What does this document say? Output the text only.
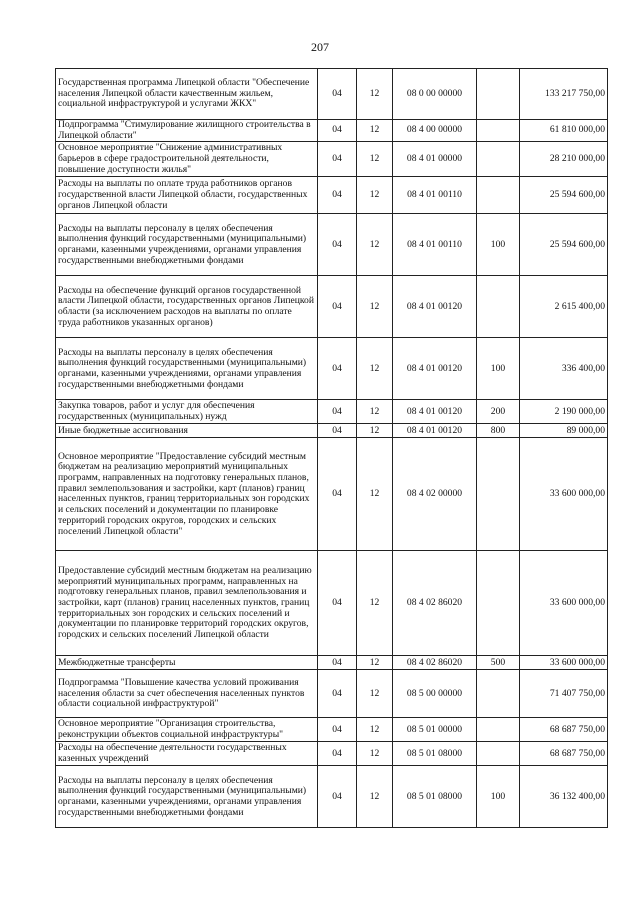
207
Государственная программа Липецкой области "Обеспечение населения Липецкой области качественным жильем, социальной инфраструктурой и услугами ЖКХ"	04	12	08 0 00 00000		133 217 750,00
Подпрограмма "Стимулирование жилищного строительства в Липецкой области"	04	12	08 4 00 00000		61 810 000,00
Основное мероприятие "Снижение административных барьеров в сфере градостроительной деятельности, повышение доступности жилья"	04	12	08 4 01 00000		28 210 000,00
Расходы на выплаты по оплате труда работников органов государственной власти Липецкой области, государственных органов Липецкой области	04	12	08 4 01 00110		25 594 600,00
Расходы на выплаты персоналу в целях обеспечения выполнения функций государственными (муниципальными) органами, казенными учреждениями, органами управления государственными внебюджетными фондами	04	12	08 4 01 00110	100	25 594 600,00
Расходы на обеспечение функций органов государственной власти Липецкой области, государственных органов Липецкой области (за исключением расходов на выплаты по оплате труда работников указанных органов)	04	12	08 4 01 00120		2 615 400,00
Расходы на выплаты персоналу в целях обеспечения выполнения функций государственными (муниципальными) органами, казенными учреждениями, органами управления государственными внебюджетными фондами	04	12	08 4 01 00120	100	336 400,00
Закупка товаров, работ и услуг для обеспечения государственных (муниципальных) нужд	04	12	08 4 01 00120	200	2 190 000,00
Иные бюджетные ассигнования	04	12	08 4 01 00120	800	89 000,00
Основное мероприятие "Предоставление субсидий местным бюджетам на реализацию мероприятий муниципальных программ, направленных на подготовку генеральных планов, правил землепользования и застройки, карт (планов) границ населенных пунктов, границ территориальных зон городских и сельских поселений и документации по планировке территорий городских округов, городских и сельских поселений Липецкой области"	04	12	08 4 02 00000		33 600 000,00
Предоставление субсидий местным бюджетам на реализацию мероприятий муниципальных программ, направленных на подготовку генеральных планов, правил землепользования и застройки, карт (планов) границ населенных пунктов, границ территориальных зон городских и сельских поселений и документации по планировке территорий городских округов, городских и сельских поселений Липецкой области	04	12	08 4 02 86020		33 600 000,00
Межбюджетные трансферты	04	12	08 4 02 86020	500	33 600 000,00
Подпрограмма "Повышение качества условий проживания населения области за счет обеспечения населенных пунктов области социальной инфраструктурой"	04	12	08 5 00 00000		71 407 750,00
Основное мероприятие "Организация строительства, реконструкции объектов социальной инфраструктуры"	04	12	08 5 01 00000		68 687 750,00
Расходы на обеспечение деятельности государственных казенных учреждений	04	12	08 5 01 08000		68 687 750,00
Расходы на выплаты персоналу в целях обеспечения выполнения функций государственными (муниципальными) органами, казенными учреждениями, органами управления государственными внебюджетными фондами	04	12	08 5 01 08000	100	36 132 400,00
